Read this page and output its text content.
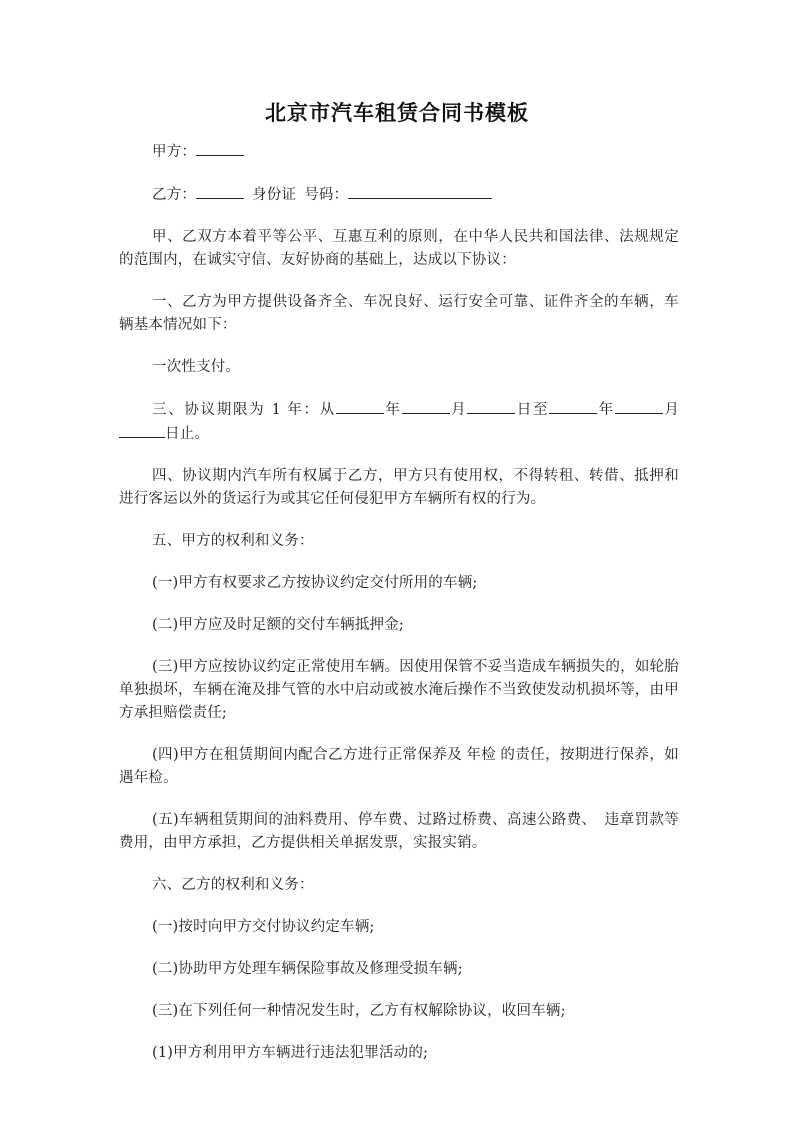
北京市汽车租赁合同书模板

甲方：

乙方：	身份证 号码：

甲、乙双方本着平等公平、互惠互利的原则，在中华人民共和国法律、法规规定的范围内，在诚实守信、友好协商的基础上，达成以下协议：

一、乙方为甲方提供设备齐全、车况良好、运行安全可靠、证件齐全的车辆，车辆基本情况如下：

一次性支付。

三、协议期限为 1 年：从	年	月	日至	年	月日止。

四、协议期内汽车所有权属于乙方，甲方只有使用权，不得转租、转借、抵押和进行客运以外的货运行为或其它任何侵犯甲方车辆所有权的行为。

五、甲方的权利和义务：

(一)甲方有权要求乙方按协议约定交付所用的车辆;

(二)甲方应及时足额的交付车辆抵押金;

(三)甲方应按协议约定正常使用车辆。因使用保管不妥当造成车辆损失的，如轮胎单独损坏，车辆在淹及排气管的水中启动或被水淹后操作不当致使发动机损坏等，由甲方承担赔偿责任;

(四)甲方在租赁期间内配合乙方进行正常保养及 年检 的责任，按期进行保养，如遇年检。

(五)车辆租赁期间的油料费用、停车费、过路过桥费、高速公路费、 违章罚款等费用，由甲方承担，乙方提供相关单据发票，实报实销。

六、乙方的权利和义务：

(一)按时向甲方交付协议约定车辆;

(二)协助甲方处理车辆保险事故及修理受损车辆;

(三)在下列任何一种情况发生时，乙方有权解除协议，收回车辆;

(1)甲方利用甲方车辆进行违法犯罪活动的;
